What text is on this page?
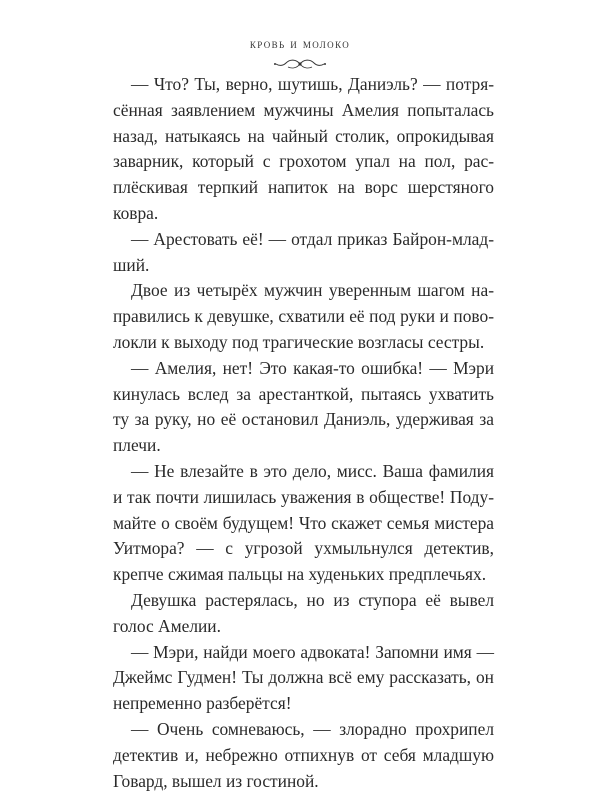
кровь и молоко

— Что? Ты, верно, шутишь, Даниэль? — потрясённая заявлением мужчины Амелия попыталась назад, натыкаясь на чайный столик, опрокидывая заварник, который с грохотом упал на пол, расплёскивая терпкий напиток на ворс шерстяного ковра.

— Арестовать её! — отдал приказ Байрон-младший.

Двое из четырёх мужчин уверенным шагом направились к девушке, схватили её под руки и поволокли к выходу под трагические возгласы сестры.

— Амелия, нет! Это какая-то ошибка! — Мэри кинулась вслед за арестанткой, пытаясь ухватить ту за руку, но её остановил Даниэль, удерживая за плечи.

— Не влезайте в это дело, мисс. Ваша фамилия и так почти лишилась уважения в обществе! Подумайте о своём будущем! Что скажет семья мистера Уитмора? — с угрозой ухмыльнулся детектив, крепче сжимая пальцы на худеньких предплечьях.

Девушка растерялась, но из ступора её вывел голос Амелии.

— Мэри, найди моего адвоката! Запомни имя — Джеймс Гудмен! Ты должна всё ему рассказать, он непременно разберётся!

— Очень сомневаюсь, — злорадно прохрипел детектив и, небрежно отпихнув от себя младшую Говард, вышел из гостиной.
